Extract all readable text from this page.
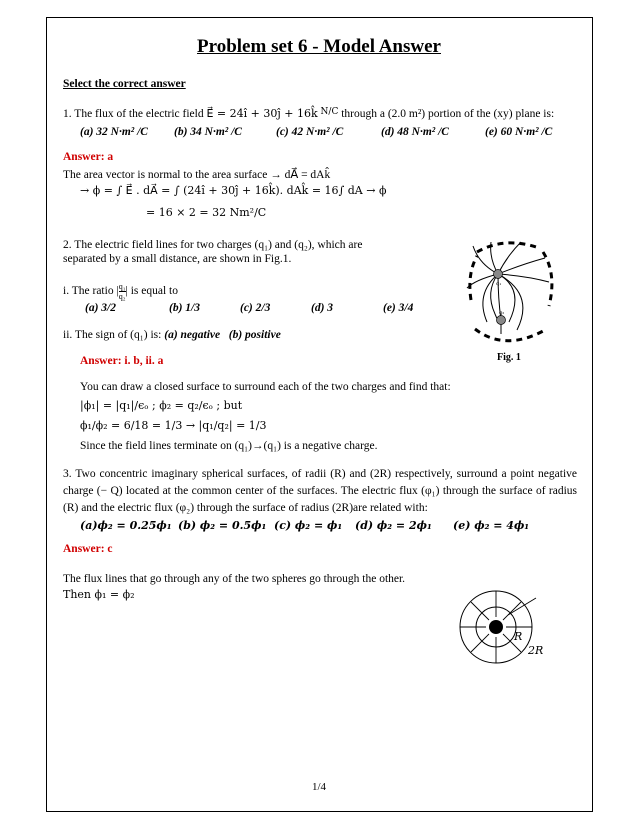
Problem set 6 - Model Answer
Select the correct answer
1. The flux of the electric field E⃗ = 24î + 30ĵ + 16k̂ $^{N/C}$ through a (2.0 m²) portion of the (xy) plane is:
(a) 32 N·m² /C (b) 34 N·m² /C	(c) 42 N·m² /C	(d) 48 N·m² /C	(e) 60 N·m² /C
Answer: a
The area vector is normal to the area surface → dA⃗ = dAk̂
→ ϕ = ∫ E⃗ . dA⃗ = ∫ (24î + 30ĵ + 16k̂). dAk̂ = 16∫ dA → ϕ
= 16 × 2 = 32 Nm²/C
2. The electric field lines for two charges (q₁) and (q₂), which are
separated by a small distance, are shown in Fig.1.
i. The ratio | $\frac{\text{q₁}}{\text{q₂}}$ | is equal to
(a) 3/2	(b) 1/3	(c) 2/3	(d) 3	(e) 3/4
ii. The sign of (q₁) is: (a) negative (b) positive
Answer: i. b, ii. a
You can draw a closed surface to surround each of the two charges and find that:
|ϕ₁| = |q₁|/ϵₒ ; ϕ₂ = q₂/ϵₒ ; but
ϕ₁/ϕ₂ = 6/18 = 1/3 → |q₁/q₂| = 1/3
Since the field lines terminate on (q₁)→(q₁) is a negative charge.
q₁
q₂
Fig. 1
3. Two concentric imaginary spherical surfaces, of radii (R) and (2R) respectively, surround a point negative charge (− Q) located at the common center of the surfaces. The electric flux (φ₁) through the surface of radius (R) and the electric flux (φ₂) through the surface of radius (2R)are related with:
(a)ϕ₂ = 0.25ϕ₁ (b) ϕ₂ = 0.5ϕ₁ (c) ϕ₂ = ϕ₁ (d) ϕ₂ = 2ϕ₁ (e) ϕ₂ = 4ϕ₁
Answer: c
The flux lines that go through any of the two spheres go through the other.
Then ϕ₁ = ϕ₂
R
2R
1/4
